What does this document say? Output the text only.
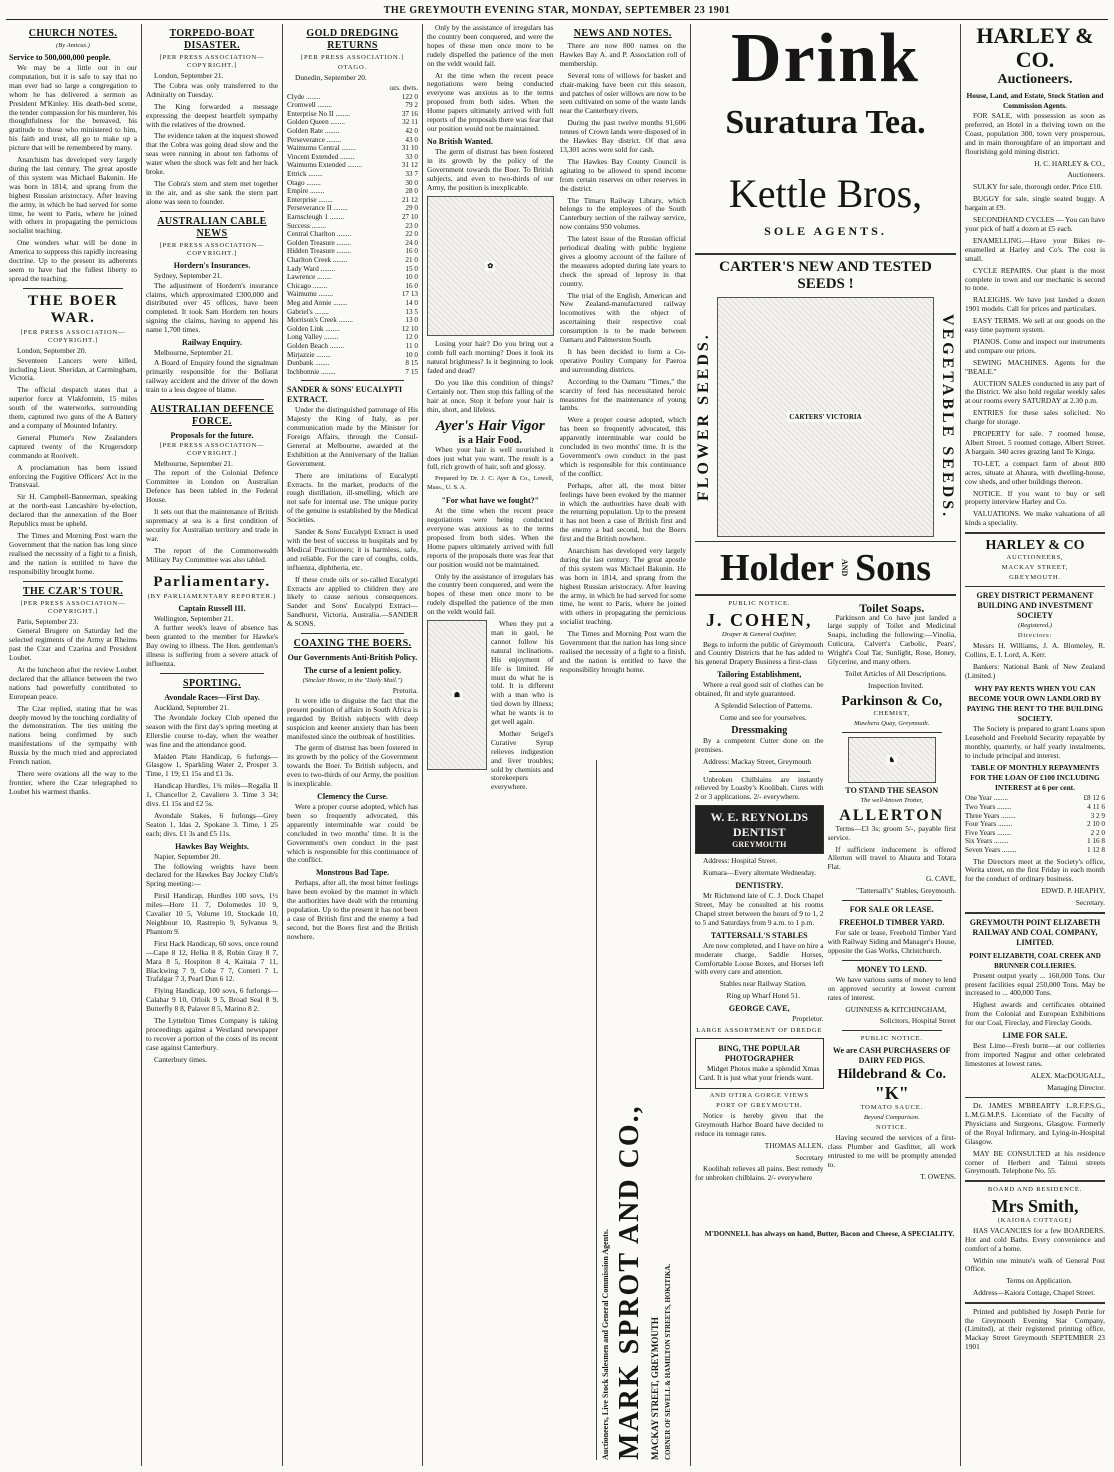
THE GREYMOUTH EVENING STAR, MONDAY, SEPTEMBER 23 1901
CHURCH NOTES.
(By Amicus.)
Service to 500,000,000 people.

We may be a little out in our computation, but it is safe to say that no man ever had so large a congregation to whom he has delivered a sermon as President M'Kinley. His death-bed scene, the tender compassion for his murderer, his thoughtfulness for the bereaved, his gratitude to those who ministered to him, his faith and trust, all go to make up a picture that will be remembered by many.

Anarchism has developed very largely during the last century. The great apostle of this system was Michael Bakunin. He was born in 1814, and sprang from the highest Russian aristocracy. After leaving the army, in which he had served for some time, he went to Paris, where he joined with others in propagating the pernicious socialist teaching.

One wonders what will be done in America to suppress this rapidly increasing doctrine. Up to the present its adherents seem to have had the fullest liberty to spread the teaching.

THE BOER WAR.
[PER PRESS ASSOCIATION—COPYRIGHT.]

London, September 20.

Seventeen Lancers were killed, including Lieut. Sheridan, at Carmingham, Victoria.

The official despatch states that a superior force at Vlakfontein, 15 miles south of the waterworks, surrounding them, captured two guns of the A Battery and a company of Mounted Infantry.

General Plumer's New Zealanders captured twenty of the Krugersdorp commando at Rooivelt.

A proclamation has been issued enforcing the Fugitive Officers' Act in the Transvaal.

Sir H. Campbell-Bannerman, speaking at the north-east Lancashire by-election, declared that the annexation of the Boer Republics must be upheld.

The Times and Morning Post warn the Government that the nation has long since realised the necessity of a fight to a finish, and the nation is entitled to have the responsibility brought home.

THE CZAR'S TOUR.
[PER PRESS ASSOCIATION—COPYRIGHT.]

Paris, September 23.

General Brugere on Saturday led the selected regiments of the Army at Rheims past the Czar and Czarina and President Loubet.

At the luncheon after the review Loubet declared that the alliance between the two nations had powerfully contributed to European peace.

The Czar replied, stating that he was deeply moved by the touching cordiality of the demonstration. The ties uniting the nations being confirmed by such manifestations of the sympathy with Russia by the much tried and appreciated French nation.

There were ovations all the way to the frontier, where the Czar telegraphed to Loubet his warmest thanks.

TORPEDO-BOAT DISASTER.
[PER PRESS ASSOCIATION—COPYRIGHT.]

London, September 21.

The Cobra was only transferred to the Admiralty on Tuesday.

The King forwarded a message expressing the deepest heartfelt sympathy with the relatives of the drowned.

The evidence taken at the inquest showed that the Cobra was going dead slow and the seas were running in about ten fathoms of water when the shock was felt and her back broke.

The Cobra's stern and stem met together in the air, and as she sank the stern part alone was seen to founder.

AUSTRALIAN CABLE NEWS
[PER PRESS ASSOCIATION—COPYRIGHT.]
Hordern's Insurances.

Sydney, September 21.

The adjustment of Hordern's insurance claims, which approximated £300,000 and distributed over 45 offices, have been completed. It took Sam Hordern ten hours signing the claims, having to append his name 1,700 times.

Railway Enquiry.

Melbourne, September 21.

A Board of Enquiry found the signalman primarily responsible for the Bollarat railway accident and the driver of the down train to a less degree of blame.

AUSTRALIAN DEFENCE FORCE.
Proposals for the future.
[PER PRESS ASSOCIATION—COPYRIGHT.]

Melbourne, September 21.

The report of the Colonial Defence Committee in London on Australian Defence has been tabled in the Federal House.

It sets out that the maintenance of British supremacy at sea is a first condition of security for Australian territory and trade in war.

The report of the Commonwealth Military Pay Committee was also tabled.

Parliamentary.
(BY PARLIAMENTARY REPORTER.)
Captain Russell III.

Wellington, September 21.

A further week's leave of absence has been granted to the member for Hawke's Bay owing to illness. The Hon. gentleman's illness is suffering from a severe attack of influenza.

SPORTING.
Avondale Races—First Day.

Auckland, September 21.

The Avondale Jockey Club opened the season with the first day's spring meeting at Ellerslie course to-day, when the weather was fine and the attendance good.

Maiden Plate Handicap, 6 furlongs—Glasgow 1, Sparkling Water 2, Prosper 3. Time, 1 19; £1 15s and £1 3s.

Handicap Hurdles, 1¾ miles—Regalia II 1, Chancellor 2, Cavaliero 3. Time 3 34; divs. £1 15s and £2 5s.

Avondale Stakes, 6 furlongs—Grey Seaton 1, Idas 2, Spokane 3. Time, 1 25 each; divs. £1 3s and £5 11s.

Hawkes Bay Weights.

Napier, September 20.

The following weights have been declared for the Hawkes Bay Jockey Club's Spring meeting:—

Pirsil Handicap, Hurdles 100 sovs, 1½ miles—Hore 11 7, Dolomedes 10 9, Cavalier 10 5, Volume 10, Stockade 10, Neighbour 10, Rastrepio 9, Sylvanus 9, Phantom 9.

First Hack Handicap, 60 sovs, once round—Cape 8 12, Helka 8 8, Robin Gray 8 7, Mara 8 5, Hospiton 8 4, Kaitaia 7 11, Blackwing 7 9, Coba 7 7, Conteri 7 1, Trafalgar 7 3, Pearl Dun 6 12.

Flying Handicap, 100 sovs, 6 furlongs—Calabar 9 10, Orloik 9 5, Broad Seal 8 9, Butterfly 8 8, Palaver 8 5, Marino 8 2.

The Lyttelton Times Company is taking proceedings against a Westland newspaper to recover a portion of the costs of its recent case against Canterbury.

Canterbury times.

GOLD DREDGING RETURNS
[PER PRESS ASSOCIATION.]
OTAGO.

Dunedin, September 20.

ozs. dwts.
Clyde ........	122 0
Cromwell ........	79 2
Enterprise No II ........	37 16
Golden Queen ........	32 11
Golden Rate ........	42 0
Perseverance ........	43 0
Waimumu Central ........	31 10
Vincent Extended ........	33 0
Waimumu Extended ........	31 12
Ettrick ........	33 7
Otago ........	30 0
Empire ........	28 0
Enterprise ........	21 12
Perseverance II ........	29 0
Earnscleugh 1 ........	27 10
Success ........	23 0
Central Charlton ........	22 0
Golden Treasure ........	24 0
Hidden Treasure ........	16 0
Charlton Creek ........	21 0
Lady Ward ........	15 0
Lawrence ........	10 0
Chicago ........	16 0
Waimumu ........	17 13
Meg and Annie ........	14 0
Gabriel's ........	13 5
Morrison's Creek ........	13 0
Golden Link ........	12 10
Long Valley ........	12 0
Golden Beach ........	11 0
Mirjazzie ........	10 0
Dunbank ........	8 15
Inchbonnie ........	7 15
SANDER & SONS' EUCALYPTI EXTRACT.

Under the distinguished patronage of His Majesty the King of Italy, as per communication made by the Minister for Foreign Affairs, through the Consul-General at Melbourne, awarded at the Exhibition at the Anniversary of the Italian Government.

There are imitations of Eucalypti Extracts. In the market, products of the rough distillation, ill-smelling, which are not safe for internal use. The unique purity of the genuine is established by the Medical Societies.

Sander & Sons' Eucalypti Extract is used with the best of success in hospitals and by Medical Practitioners; it is harmless, safe, and reliable. For the care of coughs, colds, influenza, diphtheria, etc.

If these crude oils or so-called Eucalypti Extracts are applied to children they are likely to cause serious consequences. Sander and Sons' Eucalypti Extract—Sandhurst, Victoria, Australia.—SANDER & SONS.

COAXING THE BOERS.
Our Governments Anti-British Policy.
The curse of a lenient policy.
(Sinclair Howie, in the "Daily Mail.")

Pretoria.

It were idle to disguise the fact that the present position of affairs in South Africa is regarded by British subjects with deep suspicion and keener anxiety than has been manifested since the outbreak of hostilities.

The germ of distrust has been fostered in its growth by the policy of the Government towards the Boer. To British subjects, and even to two-thirds of our Army, the position is inexplicable.

Clemency the Curse.

Were a proper course adopted, which has been so frequently advocated, this apparently interminable war could be concluded in two months' time. It is the Government's own conduct in the past which is responsible for this continuance of the conflict.

Monstrous Bad Tape.

Perhaps, after all, the most bitter feelings have been evoked by the manner in which the authorities have dealt with the returning population. Up to the present it has not been a case of British first and the enemy a bad second, but the Boers first and the British nowhere.

Only by the assistance of irregulars has the country been conquered, and were the hopes of these men once more to be rudely dispelled the patience of the men on the veldt would fail.

At the time when the recent peace negotiations were being conducted everyone was anxious as to the terms proposed from both sides. When the Home papers ultimately arrived with full reports of the proposals there was fear that our position would not be maintained.

No British Wanted.

The germ of distrust has been fostered in its growth by the policy of the Government towards the Boer. To British subjects, and even to two-thirds of our Army, the position is inexplicable.

✿

Losing your hair? Do you bring out a comb full each morning? Does it look its natural brightness? Is it beginning to look faded and dead?

Do you like this condition of things? Certainly not. Then stop this falling of the hair at once. Stop it before your hair is thin, short, and lifeless.

Ayer's Hair Vigor
is a Hair Food.

When your hair is well nourished it does just what you want. The result is a full, rich growth of hair, soft and glossy.

Prepared by Dr. J. C. Ayer & Co., Lowell, Mass., U. S. A.

"For what have we fought?"

At the time when the recent peace negotiations were being conducted everyone was anxious as to the terms proposed from both sides. When the Home papers ultimately arrived with full reports of the proposals there was fear that our position would not be maintained.

Only by the assistance of irregulars has the country been conquered, and were the hopes of these men once more to be rudely dispelled the patience of the men on the veldt would fail.

☗

When they put a man in gaol, he cannot follow his natural inclinations. His enjoyment of life is limited. He must do what he is told. It is different with a man who is tied down by illness; what he wants is to get well again.

Mother Seigel's Curative Syrup relieves indigestion and liver troubles; sold by chemists and storekeepers everywhere.

NEWS AND NOTES.

There are now 800 names on the Hawkes Bay A. and P. Association roll of membership.

Several tons of willows for basket and chair-making have been cut this season, and patches of osier willows are now to be seen cultivated on some of the waste lands near the Canterbury rivers.

During the past twelve months 91,606 tonnes of Crown lands were disposed of in the Hawkes Bay district. Of that area 13,301 acres were sold for cash.

The Hawkes Bay County Council is agitating to be allowed to spend income from certain reserves on other reserves in the district.

The Timaru Railway Library, which belongs to the employees of the South Canterbury section of the railway service, now contains 950 volumes.

The latest issue of the Russian official periodical dealing with public hygiene gives a gloomy account of the failure of the measures adopted during late years to check the spread of leprosy in that country.

The trial of the English, American and New Zealand-manufactured railway locomotives with the object of ascertaining their respective coal consumption is to be made between Oamaru and Palmerston South.

It has been decided to form a Co-operative Poultry Company for Paeroa and surrounding districts.

According to the Oamaru "Times," the scarcity of feed has necessitated heroic measures for the maintenance of young lambs.

Were a proper course adopted, which has been so frequently advocated, this apparently interminable war could be concluded in two months' time. It is the Government's own conduct in the past which is responsible for this continuance of the conflict.

Perhaps, after all, the most bitter feelings have been evoked by the manner in which the authorities have dealt with the returning population. Up to the present it has not been a case of British first and the enemy a bad second, but the Boers first and the British nowhere.

Anarchism has developed very largely during the last century. The great apostle of this system was Michael Bakunin. He was born in 1814, and sprang from the highest Russian aristocracy. After leaving the army, in which he had served for some time, he went to Paris, where he joined with others in propagating the pernicious socialist teaching.

The Times and Morning Post warn the Government that the nation has long since realised the necessity of a fight to a finish, and the nation is entitled to have the responsibility brought home.

Drink
Suratura Tea.
Kettle Bros,
SOLE AGENTS.
CARTER'S NEW AND TESTED SEEDS !
FLOWER SEEDS.	CARTERS' VICTORIA	VEGETABLE SEEDS.
Holder AND Sons
PUBLIC NOTICE.
J. COHEN,
Draper & General Outfitter,

Begs to inform the public of Greymouth and Country Districts that he has added to his general Drapery Business a first-class

Tailoring Establishment,

Where a real good suit of clothes can be obtained, fit and style guaranteed.

A Splendid Selection of Patterns.

Come and see for yourselves.

Dressmaking

By a competent Cutter done on the premises.

Address: Mackay Street, Greymouth

Unbroken Chilblains are instantly relieved by Loasby's Koolibah. Cures with 2 or 3 applications. 2/- everywhere.

W. E. REYNOLDS DENTIST
GREYMOUTH

Address: Hospital Street.

Kumara—Every alternate Wednesday.

DENTISTRY.

Mr Richmond late of C. J. Dock Chapel Street, May be consulted at his rooms Chapel street between the hours of 9 to 1, 2 to 5 and Saturdays from 9 a.m. to 1 p.m.

TATTERSALL'S STABLES

Are now completed, and I have on hire a moderate charge, Saddle Horses, Comfortable Loose Boxes, and Horses left with every care and attention.

Stables near Railway Station.

Ring up Wharf Hotel 51.

GEORGE CAVE,

Proprietor.

LARGE ASSORTMENT OF DREDGE
BING, THE POPULAR PHOTOGRAPHER

Midget Photos make a splendid Xmas Card. It is just what your friends want.

AND OTIRA GORGE VIEWS
PORT OF GREYMOUTH.

Notice is hereby given that the Greymouth Harbor Board have decided to reduce its tonnage rates.

THOMAS ALLEN,

Secretary

Koolibah relieves all pains. Best remedy for unbroken chilblains. 2/- everywhere

Toilet Soaps.

Parkinson and Co have just landed a large supply of Toilet and Medicinal Soaps, including the following:—Vinolia, Cuticura, Calvert's Carbolic, Pears', Wright's Coal Tar, Sunlight, Rose, Honey, Glycerine, and many others.

Toilet Articles of All Descriptions.

Inspection Invited.

Parkinson & Co,
CHEMIST,
Mawhera Quay, Greymouth.
♞
TO STAND THE SEASON
The well-known Trotter,
ALLERTON

Terms—£3 3s; groom 5/-, payable first service.

If sufficient inducement is offered Allerton will travel to Ahaura and Totara Flat.

G. CAVE,

"Tattersall's" Stables, Greymouth.

FOR SALE OR LEASE.
FREEHOLD TIMBER YARD.

For sale or lease, Freehold Timber Yard with Railway Siding and Manager's House, opposite the Gas Works, Christchurch.

MONEY TO LEND.

We have various sums of money to lend on approved security at lowest current rates of interest.

GUINNESS & KITCHINGHAM,

Solicitors, Hospital Street

PUBLIC NOTICE.
We are CASH PURCHASERS OF DAIRY FED PIGS.
Hildebrand & Co.
"K"
TOMATO SAUCE.
Beyond Comparison.
NOTICE.

Having secured the services of a first-class Plumber and Gasfitter, all work entrusted to me will be promptly attended to.

T. OWENS.

M'DONNELL has always on hand, Butter, Bacon and Cheese, A SPECIALITY.

Auctioneers, Live Stock Salesmen and General Commission Agents. MARK SPROT AND CO., MACKAY STREET, GREYMOUTH CORNER OF SEWELL & HAMILTON STREETS, HOKITIKA.
HARLEY & CO.
Auctioneers.
House, Land, and Estate, Stock Station and Commission Agents.

FOR SALE, with possession as soon as preferred, an Hotel in a thriving town on the Coast, population 300, town very prosperous, and in main thoroughfare of an important and flourishing gold mining district.

H. C. HARLEY & CO.,

Auctioneers.

SULKY for sale, thorough order. Price £10.

BUGGY for sale, single seated buggy. A bargain at £9.

SECONDHAND CYCLES — You can have your pick of half a dozen at £5 each.

ENAMELLING.—Have your Bikes re-enamelled at Harley and Co's. The cost is small.

CYCLE REPAIRS. Our plant is the most complete in town and our mechanic is second to none.

RALEIGHS. We have just landed a dozen 1901 models. Call for prices and particulars.

EASY TERMS. We sell at our goods on the easy time payment system.

PIANOS. Come and inspect our instruments and compare our prices.

SEWING MACHINES. Agents for the "BEALE."

AUCTION SALES conducted in any part of the District. We also hold regular weekly sales at our rooms every SATURDAY at 2.30 p.m.

ENTRIES for these sales solicited. No charge for storage.

PROPERTY for sale. 7 roomed house, Albert Street. 5 roomed cottage, Albert Street. A bargain. 340 acres grazing land Te Kinga.

TO-LET, a compact farm of about 800 acres, situate at Ahaura, with dwelling-house, cow sheds, and other buildings thereon.

NOTICE. If you want to buy or sell property interview Harley and Co.

VALUATIONS. We make valuations of all kinds a speciality.

HARLEY & CO
AUCTIONEERS,
MACKAY STREET,
GREYMOUTH.
GREY DISTRICT PERMANENT BUILDING AND INVESTMENT SOCIETY
(Registered.)
Directors:

Messrs H. Williams, J. A. Blomeley, R. Collins, E. I. Lord, A. Kerr.

Bankers: National Bank of New Zealand (Limited.)

WHY PAY RENTS WHEN YOU CAN BECOME YOUR OWN LANDLORD BY PAYING THE RENT TO THE BUILDING SOCIETY.

The Society is prepared to grant Loans upon Leasehold and Freehold Security repayable by monthly, quarterly, or half yearly instalments, to include principal and interest.

TABLE OF MONTHLY REPAYMENTS FOR THE LOAN OF £100 INCLUDING INTEREST at 6 per cent.
One Year ........	£8 12 6
Two Years ........	4 11 6
Three Years ........	3 2 9
Four Years ........	2 10 0
Five Years ........	2 2 0
Six Years ........	1 16 8
Seven Years ........	1 12 8

The Directors meet at the Society's office, Werita street, on the first Friday in each month for the conduct of ordinary business.

EDWD. P. HEAPHY,

Secretary.

GREYMOUTH POINT ELIZABETH RAILWAY AND COAL COMPANY, LIMITED.
POINT ELIZABETH, COAL CREEK AND BRUNNER COLLIERIES.

Present output yearly ... 160,000 Tons. Our present facilities equal 250,000 Tons. May be increased to ... 400,000 Tons.

Highest awards and certificates obtained from the Colonial and European Exhibitions for our Coal, Fireclay, and Fireclay Goods.

LIME FOR SALE.

Best Lime—Fresh burnt—at our collieries from imported Nagpur and other celebrated limestones at lowest rates.

ALEX. MacDOUGALL,

Managing Director.

Dr. JAMES M'BREARTY L.R.F.P.S.G., L.M.G.M.P.S. Licentiate of the Faculty of Physicians and Surgeons, Glasgow. Formerly of the Royal Infirmary, and Lying-in-Hospital Glasgow.

MAY BE CONSULTED at his residence corner of Herbert and Tainui streets Greymouth. Telephone No. 55.

BOARD AND RESIDENCE.
Mrs Smith,
(KAIORA COTTAGE)

HAS VACANCIES for a few BOARDERS. Hot and cold Baths. Every convenience and comfort of a home.

Within one minute's walk of General Post Office.

Terms on Application.

Address—Kaiora Cottage, Chapel Street.

Printed and published by Joseph Petrie for the Greymouth Evening Star Company, (Limited), at their registered printing office, Mackay Street Greymouth SEPTEMBER 23 1901
